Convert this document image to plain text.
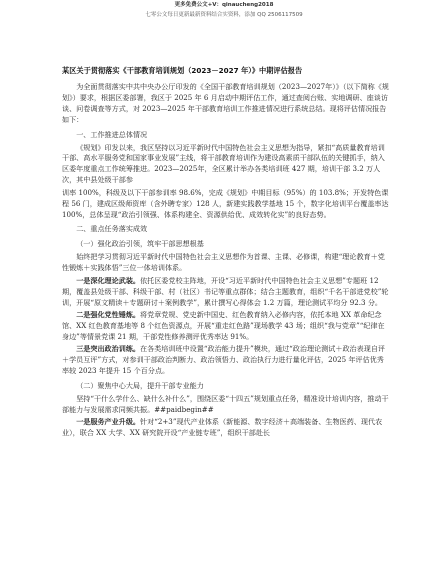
更多免费公文+V：qinaucheng2018
七零公文每日更新最新资料结合实资料，添加 QQ 2506117509
某区关于贯彻落实《干部教育培训规划（2023－2027 年）》中期评估报告

为全面贯彻落实中共中央办公厅印发的《全国干部教育培训规划（2023—2027年）》（以下简称《规划》）要求，根据区委部署，我区于 2025 年 6 月启动中期评估工作，通过查阅台账、实地调研、座谈访谈、问卷调查等方式，对 2023—2025 年干部教育培训工作推进情况进行系统总结。现将评估情况报告如下：

一、工作推进总体情况

《规划》印发以来，我区坚持以习近平新时代中国特色社会主义思想为指导，紧扣“高质量教育培训干部、高水平服务党和国家事业发展”主线，将干部教育培训作为建设高素质干部队伍的关键抓手，纳入区委年度重点工作统筹推进。2023—2025年，全区累计举办各类培训班 427 期，培训干部 3.2 万人次，其中县处级干部参

训率 100%，科级及以下干部参训率 98.6%，完成《规划》中期目标（95%）的 103.8%；开发特色课程 56 门，建成区级师资库（含外聘专家）128 人，新建实践教学基地 15 个，数字化培训平台覆盖率达 100%，总体呈现“政治引领强、体系构建全、资源供给优、成效转化实”的良好态势。

二、重点任务落实成效

（一）强化政治引领，筑牢干部思想根基

始终把学习贯彻习近平新时代中国特色社会主义思想作为首课、主课、必修课，构建“理论教育＋党性锻炼＋实践体悟”三位一体培训体系。

一是深化理论武装。依托区委党校主阵地，开设“习近平新时代中国特色社会主义思想”专题班 12 期，覆盖县处级干部、科级干部、村（社区）书记等重点群体；结合主题教育，组织“千名干部进党校”轮训，开展“原文精读＋专题研讨＋案例教学”，累计撰写心得体会 1.2 万篇，理论测试平均分 92.3 分。

二是强化党性锤炼。将党章党规、党史新中国史、红色教育纳入必修内容，依托本地 XX 革命纪念馆、XX 红色教育基地等 8 个红色资源点，开展“重走红色路”现场教学 43 场；组织“我与党章”“纪律在身边”等情景党课 21 期，干部党性修养测评优秀率达 91%。

三是突出政治训练。在各类培训班中设置“政治能力提升”模块，通过“政治理论测试＋政治表现自评＋学员互评”方式，对参训干部政治判断力、政治领悟力、政治执行力进行量化评估，2025 年评估优秀率较 2023 年提升 15 个百分点。

（二）聚焦中心大局，提升干部专业能力

坚持“干什么学什么、缺什么补什么”，围绕区委“十四五”规划重点任务，精准设计培训内容，推动干部能力与发展需求同频共振。##paidbegin##

一是服务产业升级。针对“2+3”现代产业体系（新能源、数字经济＋高端装备、生物医药、现代农业），联合 XX 大学、XX 研究院开设“产业链专班”，组织干部赴长
